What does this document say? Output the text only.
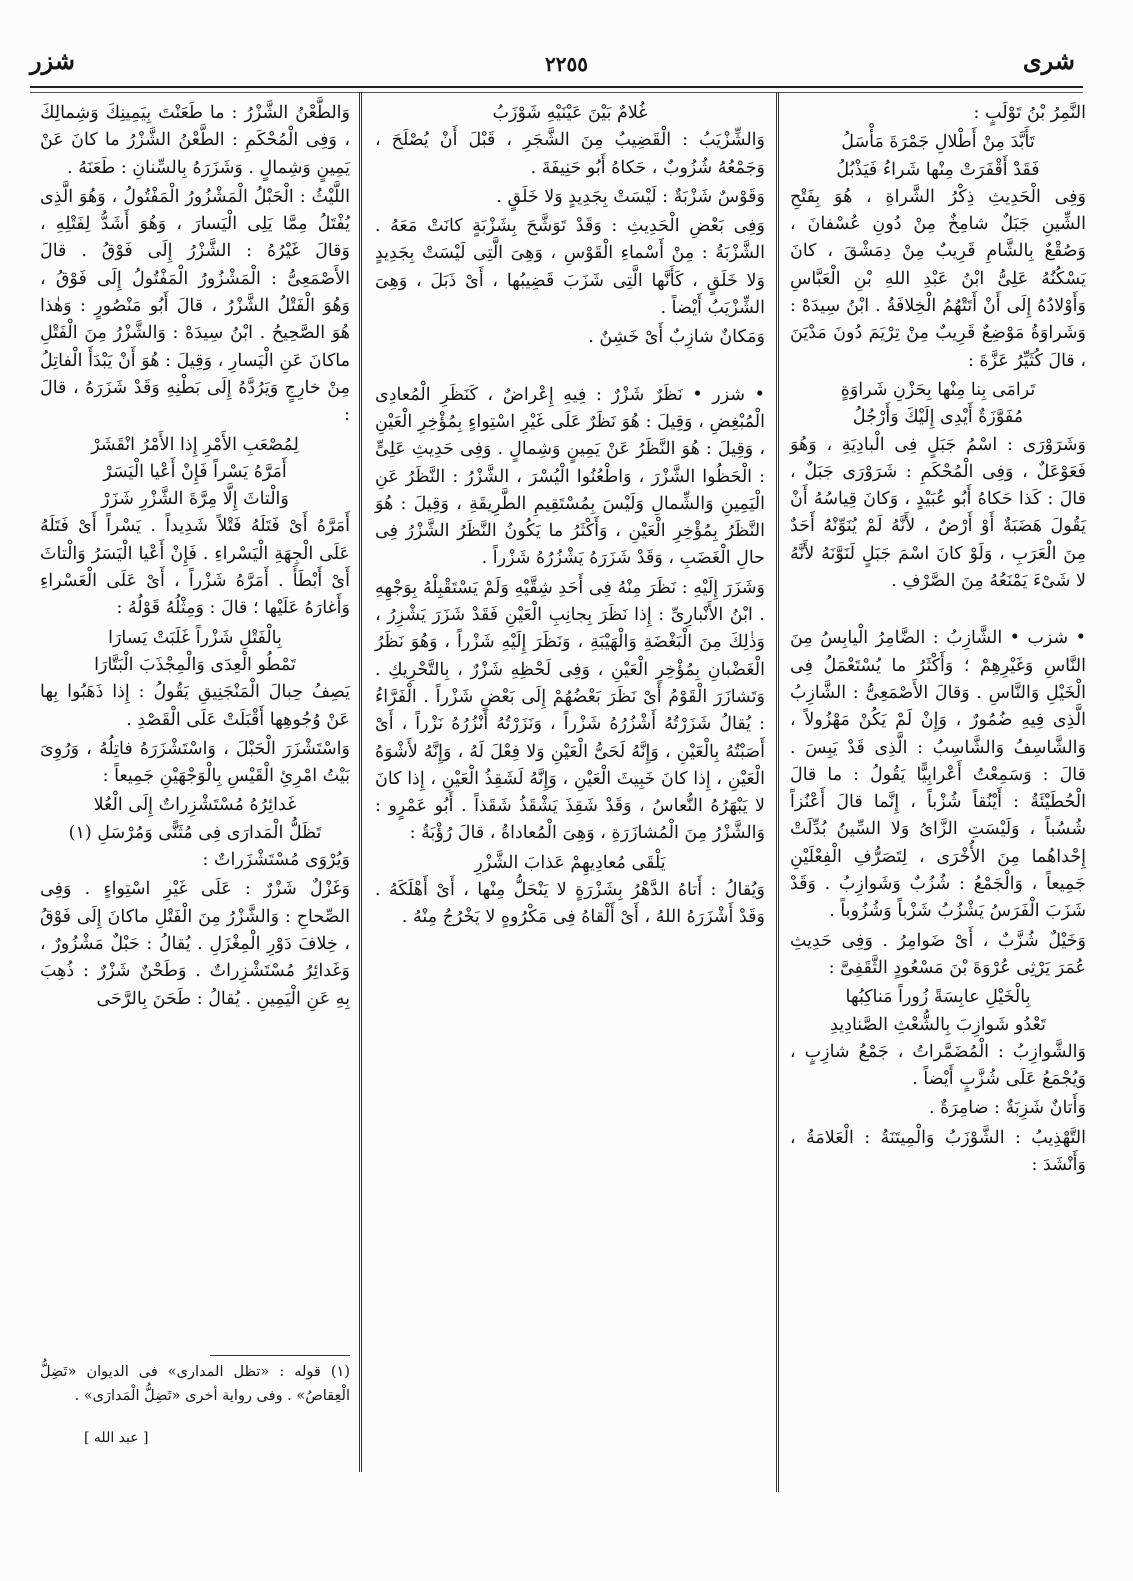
شرى
٢٢٥٥
شزر

النَّمِرُ بْنُ تَوْلَبٍ :

تَأَبَّدَ مِنْ أَطْلالِ جَمْرَةَ مَأْسَلُ

فَقَدْ أَقْفَرَتْ مِنْها شَراءُ فَيَذْبُلُ

وَفِى الْحَدِيثِ ذِكْرُ الشَّراةِ ، هُوَ بِفَتْحِ الشِّينِ جَبَلٌ شامِخٌ مِنْ دُونِ عُسْفانَ ، وَصُقْعٌ بِالشَّامِ قَرِيبٌ مِنْ دِمَشْقَ ، كانَ يَسْكُنُهُ عَلِىُّ ابْنُ عَبْدِ اللهِ بْنِ الْعَبَّاسِ وَأَوْلادُهُ إِلَى أَنْ أَتَتْهُمُ الْخِلافَةُ . ابْنُ سِيدَهْ : وَشَراوَةُ مَوْضِعٌ قَرِيبٌ مِنْ تِرْيَمَ دُونَ مَدْيَنَ ، قالَ كُثَيِّرُ عَزَّةَ :

تَرامَى بِنا مِنْها بِحَزْنِ شَراوَةٍ

مُفَوَّزَةٌ أَيْدِى إِلَيْكَ وَأَرْجُلُ

وَشَرَوْرَى : اسْمُ جَبَلٍ فِى الْبادِيَةِ ، وَهُوَ فَعَوْعَلٌ ، وَفِى الْمُحْكَمِ : شَرَوْرَى جَبَلٌ ، قالَ : كَذا حَكاهُ أَبُو عُبَيْدٍ ، وَكانَ قِياسُهُ أَنْ يَقُولَ هَضَبَةٌ أَوْ أَرْضٌ ، لأَنَّهُ لَمْ يُنَوِّنْهُ أَحَدٌ مِنَ الْعَرَبِ ، وَلَوْ كانَ اسْمَ جَبَلٍ لَنَوَّنَهُ لأَنَّهُ لا شَىْءَ يَمْنَعُهُ مِنَ الصَّرْفِ .

• شزب • الشَّازِبُ : الضَّامِرُ الْيابِسُ مِنَ النَّاسِ وَغَيْرِهِمْ ؛ وَأَكْثَرُ ما يُسْتَعْمَلُ فِى الْخَيْلِ وَالنَّاسِ . وَقالَ الأَصْمَعِىُّ : الشَّازِبُ الَّذِى فِيهِ ضُمُورٌ ، وَإِنْ لَمْ يَكُنْ مَهْزُولاً ، وَالشَّاسِفُ وَالشَّاسِبُ : الَّذِى قَدْ يَبِسَ . قالَ : وَسَمِعْتُ أَعْرابِيًّا يَقُولُ : ما قالَ الْحُطَيْئَةُ : أَيْنُقاً شُزْباً ، إِنَّما قالَ أَعْنُزاً شُسُباً ، وَلَيْسَتِ الزَّاىُ وَلا السِّينُ بُدِّلَتْ إِحْداهُما مِنَ الأُخْرَى ، لِتَصَرُّفِ الْفِعْلَيْنِ جَمِيعاً ، وَالْجَمْعُ : شُزُبٌ وَشَوازِبُ . وَقَدْ شَزَبَ الْفَرَسُ يَشْزُبُ شَزْباً وَشُزُوباً .

وَخَيْلٌ شُزَّبٌ ، أَىْ ضَوامِرُ . وَفِى حَدِيثِ عُمَرَ يَرْثِى عُرْوَةَ بْنَ مَسْعُودٍ الثَّقَفِىَّ :

بِالْخَيْلِ عابِسَةً زُوراً مَناكِبُها

تَعْدُو شَوازِبَ بِالشُّعْثِ الصَّنادِيدِ

وَالشَّوازِبُ : الْمُضَمَّراتُ ، جَمْعُ شازِبٍ ، وَيُجْمَعُ عَلَى شُزَّبٍ أَيْضاً .

وَأَتانٌ شَزِبَةٌ : ضامِرَةٌ .

التَّهْذِيبُ : الشَّوْزَبُ وَالْمِيتَنَةُ : الْعَلامَةُ ، وَأَنْشَدَ :

غُلامٌ بَيْنَ عَيْنَيْهِ شَوْزَبُ

وَالشِّزْيَبُ : الْقَضِيبُ مِنَ الشَّجَرِ ، قَبْلَ أَنْ يُصْلَحَ ، وَجَمْعُهُ شُزُوبٌ ، حَكاهُ أَبُو حَنِيفَةَ .

وَقَوْسٌ شَزْبَةٌ : لَيْسَتْ بِجَدِيدٍ وَلا خَلَقٍ .

وَفِى بَعْضِ الْحَدِيثِ : وَقَدْ تَوَشَّحَ بِشَزْبَةٍ كانَتْ مَعَهُ . الشَّزْبَةُ : مِنْ أَسْماءِ الْقَوْسِ ، وَهِىَ الَّتِى لَيْسَتْ بِجَدِيدٍ وَلا خَلَقٍ ، كَأَنَّها الَّتِى شَزَبَ قَضِيبُها ، أَىْ ذَبَلَ ، وَهِىَ الشِّزْيَبُ أَيْضاً .

وَمَكانٌ شازِبٌ أَىْ خَشِنٌ .

• شزر • نَظَرٌ شَزْرٌ : فِيهِ إِعْراضٌ ، كَنَظَرِ الْمُعادِى الْمُبْغِضِ ، وَقِيلَ : هُوَ نَظَرٌ عَلَى غَيْرِ اسْتِواءٍ بِمُؤْخِرِ الْعَيْنِ ، وَقِيلَ : هُوَ النَّظَرُ عَنْ يَمِينٍ وَشِمالٍ . وَفِى حَدِيثِ عَلِىٍّ : الْحَظُوا الشَّزْرَ ، وَاطْعُنُوا الْيُسْرَ ، الشَّزْرُ : النَّظَرُ عَنِ الْيَمِينِ وَالشِّمالِ وَلَيْسَ بِمُسْتَقِيمِ الطَّرِيقَةِ ، وَقِيلَ : هُوَ النَّظَرُ بِمُؤْخِرِ الْعَيْنِ ، وَأَكْثَرُ ما يَكُونُ النَّظَرُ الشَّزْرُ فِى حالِ الْغَضَبِ ، وَقَدْ شَزَرَهُ يَشْزُرُهُ شَزْراً .

وَشَزَرَ إِلَيْهِ : نَظَرَ مِنْهُ فِى أَحَدِ شِقَّيْهِ وَلَمْ يَسْتَقْبِلْهُ بِوَجْهِهِ . ابْنُ الأَنْبارِىِّ : إِذا نَظَرَ بِجانِبِ الْعَيْنِ فَقَدْ شَزَرَ يَشْزِرُ ، وَذٰلِكَ مِنَ الْبَغْضَةِ وَالْهَيْبَةِ ، وَنَظَرَ إِلَيْهِ شَزْراً ، وَهُوَ نَظَرُ الْغَضْبانِ بِمُؤْخِرِ الْعَيْنِ ، وَفِى لَحْظِهِ شَزْرٌ ، بِالتَّحْرِيكِ . وَتَشازَرَ الْقَوْمُ أَىْ نَظَرَ بَعْضُهُمْ إِلَى بَعْضٍ شَزْراً . الْفَرَّاءُ : يُقالُ شَزَرْتُهُ أَشْزُرُهُ شَزْراً ، وَنَزَرْتُهُ أَنْزُرُهُ نَزْراً ، أَىْ أَصَبْتُهُ بِالْعَيْنِ ، وَإِنَّهُ لَحَىُّ الْعَيْنِ وَلا فِعْلَ لَهُ ، وَإِنَّهُ لأَشْوَهُ الْعَيْنِ ، إِذا كانَ خَبِيثَ الْعَيْنِ ، وَإِنَّهُ لَشَقِذُ الْعَيْنِ ، إِذا كانَ لا يَبْهَرُهُ النُّعاسُ ، وَقَدْ شَقِذَ يَشْقَذُ شَقَذاً . أَبُو عَمْرٍو : وَالشَّزْرُ مِنَ الْمُشازَرَةِ ، وَهِىَ الْمُعاداةُ ، قالَ رُؤْبَةُ :

يَلْقَى مُعادِيهِمْ عَذابَ الشَّزْرِ

وَيُقالُ : أَتاهُ الدَّهْرُ بِشَزْرَةٍ لا يَنْحَلُّ مِنْها ، أَىْ أَهْلَكَهُ . وَقَدْ أَشْزَرَهُ اللهُ ، أَىْ أَلْقاهُ فِى مَكْرُوهٍ لا يَخْرُجُ مِنْهُ .

وَالطَّعْنُ الشَّزْرُ : ما طَعَنْتَ بِيَمِينِكَ وَشِمالِكَ ، وَفِى الْمُحْكَمِ : الطَّعْنُ الشَّزْرُ ما كانَ عَنْ يَمِينٍ وَشِمالٍ . وَشَزَرَهُ بِالسِّنانِ : طَعَنَهُ .

اللَّيْثُ : الْحَبْلُ الْمَشْزُورُ الْمَفْتُولُ ، وَهُوَ الَّذِى يُفْتَلُ مِمَّا يَلِى الْيَسارَ ، وَهُوَ أَشَدُّ لِفَتْلِهِ ، وَقالَ غَيْرُهُ : الشَّزْرُ إِلَى فَوْقُ . قالَ الأَصْمَعِىُّ : الْمَشْزُورُ الْمَفْتُولُ إِلَى فَوْقُ ، وَهُوَ الْفَتْلُ الشَّزْرُ ، قالَ أَبُو مَنْصُورٍ : وَهٰذا هُوَ الصَّحِيحُ . ابْنُ سِيدَهْ : وَالشَّزْرُ مِنَ الْفَتْلِ ماكانَ عَنِ الْيَسارِ ، وَقِيلَ : هُوَ أَنْ يَبْدَأَ الْفاتِلُ مِنْ خارِجٍ وَيَرُدَّهُ إِلَى بَطْنِهِ وَقَدْ شَزَرَهُ ، قالَ :

لِمُصْعَبِ الأَمْرِ إِذا الأَمْرُ انْقَشَرْ

أَمَرَّهُ يَسْراً فَإِنْ أَعْيا الْيَسَرْ

وَالْتاثَ إِلَّا مِرَّةَ الشَّزْرِ شَزَرْ

أَمَرَّهُ أَىْ فَتَلَهُ فَتْلاً شَدِيداً . يَسْراً أَىْ فَتَلَهُ عَلَى الْجِهَةِ الْيَسْراءِ . فَإِنْ أَعْيا الْيَسَرُ وَالْتاثَ أَىْ أَبْطَأَ . أَمَرَّهُ شَزْراً ، أَىْ عَلَى الْعَسْراءِ وَأَغارَهُ عَلَيْها ؛ قالَ : وَمِثْلُهُ قَوْلُهُ :

بِالْفَتْلِ شَزْراً غَلَبَتْ يَسارَا

تَمْطُو الْعِدَى وَالْمِجْذَبَ الْبَتَّارَا

يَصِفُ حِبالَ الْمَنْجَنِيقِ يَقُولُ : إِذا ذَهَبُوا بِها عَنْ وُجُوهِها أَقْبَلَتْ عَلَى الْقَصْدِ .

وَاسْتَشْزَرَ الْحَبْلَ ، وَاسْتَشْزَرَهُ فاتِلُهُ ، وَرُوِىَ بَيْتُ امْرِئِ الْقَيْسِ بِالْوَجْهَيْنِ جَمِيعاً :

غَدائِرُهُ مُسْتَشْزِراتٌ إِلَى الْعُلا

تَظَلُّ الْمَدارَى فِى مُثَنًّى وَمُرْسَلِ (١)

وَيُرْوَى مُسْتَشْزَراتٌ :

وَغَزْلٌ شَزْرٌ : عَلَى غَيْرِ اسْتِواءٍ . وَفِى الصِّحاحِ : وَالشَّزْرُ مِنَ الْفَتْلِ ماكانَ إِلَى فَوْقُ ، خِلافَ دَوْرِ الْمِغْزَلِ . يُقالُ : حَبْلٌ مَشْزُورٌ ، وَغَدائِرُ مُسْتَشْزِراتٌ . وَطَحْنٌ شَزْرٌ : ذُهِبَ بِهِ عَنِ الْيَمِينِ . يُقالُ : طَحَنَ بِالرَّحَى

(١) قوله : «تظل المدارى» فى الديوان «تَضِلُّ الْعِقاصُ» . وفى رواية أخرى «تَضِلُّ الْمَدارَى» .
[ عبد الله ]
